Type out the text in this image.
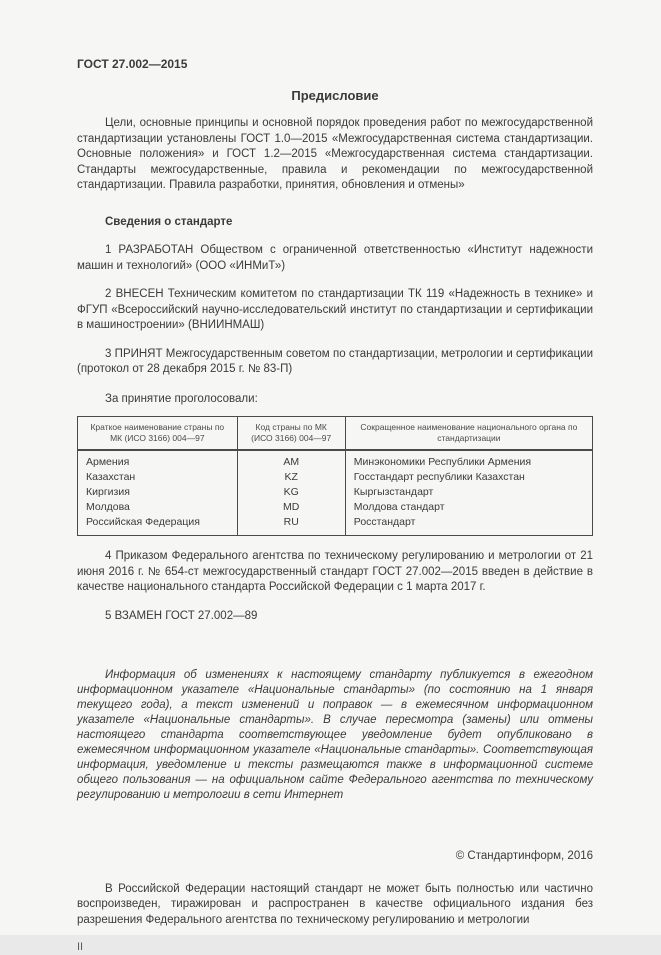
ГОСТ 27.002—2015
Предисловие

Цели, основные принципы и основной порядок проведения работ по межгосударственной стандартизации установлены ГОСТ 1.0—2015 «Межгосударственная система стандартизации. Основные положения» и ГОСТ 1.2—2015 «Межгосударственная система стандартизации. Стандарты межгосударственные, правила и рекомендации по межгосударственной стандартизации. Правила разработки, принятия, обновления и отмены»

Сведения о стандарте

1 РАЗРАБОТАН Обществом с ограниченной ответственностью «Институт надежности машин и технологий» (ООО «ИНМиТ»)

2 ВНЕСЕН Техническим комитетом по стандартизации ТК 119 «Надежность в технике» и ФГУП «Всероссийский научно-исследовательский институт по стандартизации и сертификации в машиностроении» (ВНИИНМАШ)

3 ПРИНЯТ Межгосударственным советом по стандартизации, метрологии и сертификации (протокол от 28 декабря 2015 г. № 83-П)

За принятие проголосовали:
Краткое наименование страны по МК (ИСО 3166) 004—97	Код страны по МК (ИСО 3166) 004—97	Сокращенное наименование национального органа по стандартизации
Армения	AM	Минэкономики Республики Армения
Казахстан	KZ	Госстандарт республики Казахстан
Киргизия	KG	Кыргызстандарт
Молдова	MD	Молдова стандарт
Российская Федерация	RU	Росстандарт

4 Приказом Федерального агентства по техническому регулированию и метрологии от 21 июня 2016 г. № 654-ст межгосударственный стандарт ГОСТ 27.002—2015 введен в действие в качестве национального стандарта Российской Федерации с 1 марта 2017 г.

5 ВЗАМЕН ГОСТ 27.002—89

Информация об изменениях к настоящему стандарту публикуется в ежегодном информационном указателе «Национальные стандарты» (по состоянию на 1 января текущего года), а текст изменений и поправок — в ежемесячном информационном указателе «Национальные стандарты». В случае пересмотра (замены) или отмены настоящего стандарта соответствующее уведомление будет опубликовано в ежемесячном информационном указателе «Национальные стандарты». Соответствующая информация, уведомление и тексты размещаются также в информационной системе общего пользования — на официальном сайте Федерального агентства по техническому регулированию и метрологии в сети Интернет

© Стандартинформ, 2016

В Российской Федерации настоящий стандарт не может быть полностью или частично воспроизведен, тиражирован и распространен в качестве официального издания без разрешения Федерального агентства по техническому регулированию и метрологии

II
